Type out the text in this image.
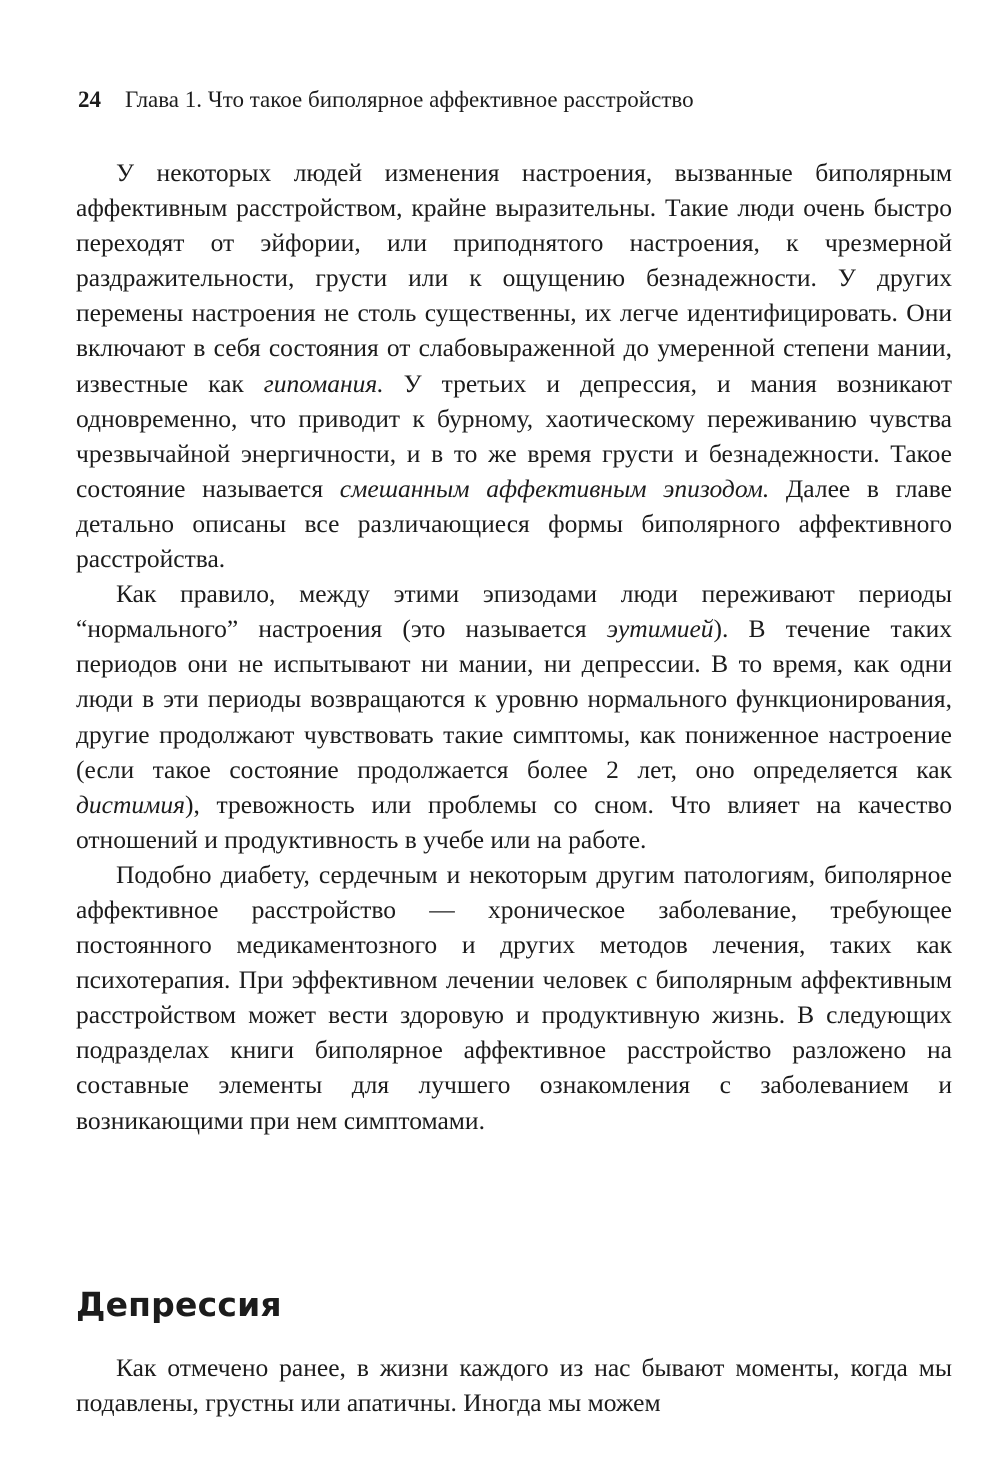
24 Глава 1. Что такое биполярное аффективное расстройство

У некоторых людей изменения настроения, вызванные биполярным аффективным расстройством, крайне выразительны. Такие люди очень быстро переходят от эйфории, или приподнятого настроения, к чрезмерной раздражительности, грусти или к ощущению безнадежности. У других перемены настроения не столь существенны, их легче идентифицировать. Они включают в себя состояния от слабовыраженной до умеренной степени мании, известные как гипомания. У третьих и депрессия, и мания возникают одновременно, что приводит к бурному, хаотическому переживанию чувства чрезвычайной энергичности, и в то же время грусти и безнадежности. Такое состояние называется смешанным аффективным эпизодом. Далее в главе детально описаны все различающиеся формы биполярного аффективного расстройства.

Как правило, между этими эпизодами люди переживают периоды “нормального” настроения (это называется эутимией). В течение таких периодов они не испытывают ни мании, ни депрессии. В то время, как одни люди в эти периоды возвращаются к уровню нормального функционирования, другие продолжают чувствовать такие симптомы, как пониженное настроение (если такое состояние продолжается более 2 лет, оно определяется как дистимия), тревожность или проблемы со сном. Что влияет на качество отношений и продуктивность в учебе или на работе.

Подобно диабету, сердечным и некоторым другим патологиям, биполярное аффективное расстройство — хроническое заболевание, требующее постоянного медикаментозного и других методов лечения, таких как психотерапия. При эффективном лечении человек с биполярным аффективным расстройством может вести здоровую и продуктивную жизнь. В следующих подразделах книги биполярное аффективное расстройство разложено на составные элементы для лучшего ознакомления с заболеванием и возникающими при нем симптомами.

Депрессия

Как отмечено ранее, в жизни каждого из нас бывают моменты, когда мы подавлены, грустны или апатичны. Иногда мы можем
